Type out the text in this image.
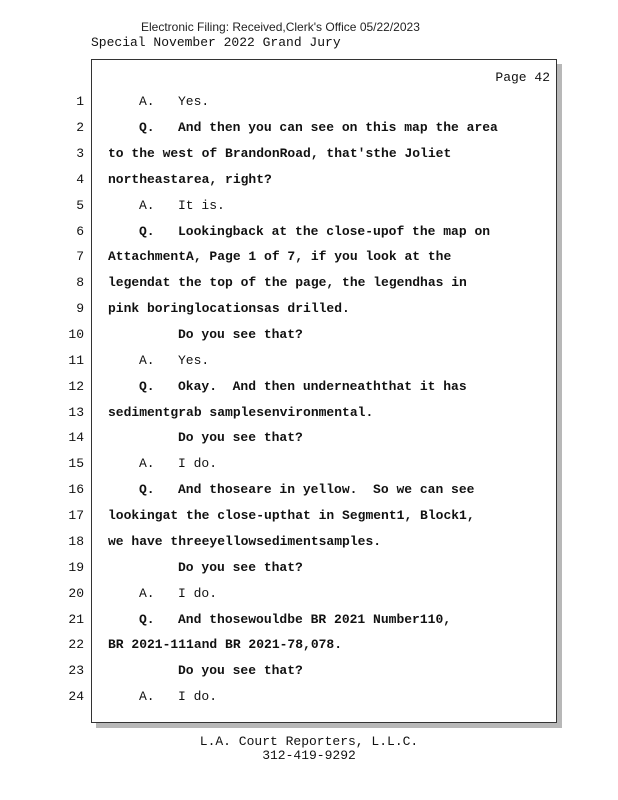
Electronic Filing: Received,Clerk's Office 05/22/2023
Special November 2022 Grand Jury
Page 42
1
2
3
4
5
6
7
8
9
10
11
12
13
14
15
16
17
18
19
20
21
22
23
24
A.   Yes.
Q.   And then you can see on this map the area
to the west of BrandonRoad, that'sthe Joliet
northeastarea, right?
A.   It is.
Q.   Lookingback at the close-upof the map on
AttachmentA, Page 1 of 7, if you look at the
legendat the top of the page, the legendhas in
pink boringlocationsas drilled.
Do you see that?
A.   Yes.
Q.   Okay.  And then underneaththat it has
sedimentgrab samplesenvironmental.
Do you see that?
A.   I do.
Q.   And thoseare in yellow.  So we can see
lookingat the close-upthat in Segment1, Block1,
we have threeyellowsedimentsamples.
Do you see that?
A.   I do.
Q.   And thosewouldbe BR 2021 Number110,
BR 2021-111and BR 2021-78,078.
Do you see that?
A.   I do.
L.A. Court Reporters, L.L.C.
312-419-9292
